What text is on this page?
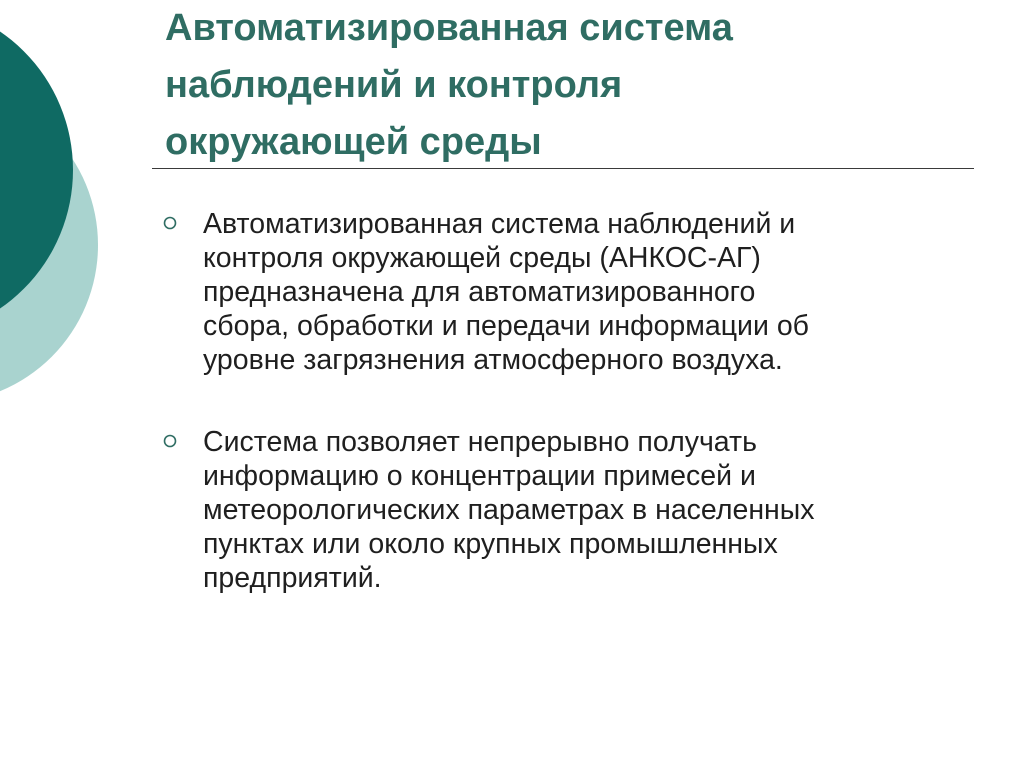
Автоматизированная система
наблюдений и контроля
окружающей среды

Автоматизированная система наблюдений и
контроля окружающей среды (АНКОС-АГ)
предназначена для автоматизированного
сбора, обработки и передачи информации об
уровне загрязнения атмосферного воздуха.

Система позволяет непрерывно получать
информацию о концентрации примесей и
метеорологических параметрах в населенных
пунктах или около крупных промышленных
предприятий.
